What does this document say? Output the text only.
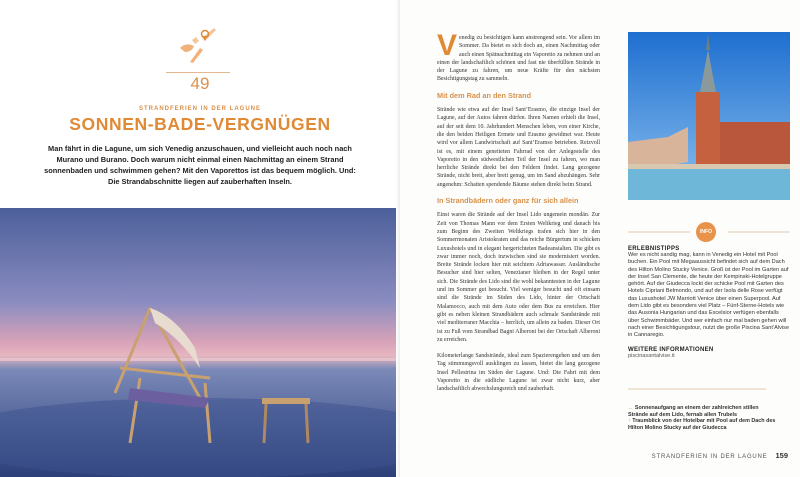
49
STRANDFERIEN IN DER LAGUNE
SONNEN-BADE-VERGNÜGEN
Man fährt in die Lagune, um sich Venedig anzuschauen, und vielleicht auch noch nach Murano und Burano. Doch warum nicht einmal einen Nachmittag an einem Strand sonnenbaden und schwimmen gehen? Mit den Vaporettos ist das bequem möglich. Und: Die Strandabschnitte liegen auf zauberhaften Inseln.

Venedig zu besichtigen kann anstrengend sein. Vor allem im Sommer. Da bietet es sich doch an, einen Nachmittag oder auch einen Spätnachmittag ein Vaporetto zu nehmen und an einen der landschaftlich schönen und fast nie überfüllten Strände in der Lagune zu fahren, um neue Kräfte für den nächsten Besichtigungstag zu sammeln.

Mit dem Rad an den Strand

Strände wie etwa auf der Insel Sant’Erasmo, die einzige Insel der Lagune, auf der Autos fahren dürfen. Ihren Namen erhielt die Insel, auf der seit dem 10. Jahrhundert Menschen leben, von einer Kirche, die den beiden Heiligen Ermete und Erasmo gewidmet war. Heute wird vor allem Landwirtschaft auf Sant’Eramso betrieben. Reizvoll ist es, mit einem geneiteten Fahrrad von der Anlegestelle des Vaporetto in den südwestlichen Teil der Insel zu fahren, wo man herrliche Strände direkt bei den Feldern findet. Lang gezogene Strände, nicht breit, aber breit genug, um im Sand abzuhängen. Sehr angenehm: Schatten spendende Bäume stehen direkt beim Strand.

In Strandbädern oder ganz für sich allein

Einst waren die Strände auf der Insel Lido ungemein mondän. Zur Zeit von Thomas Mann vor dem Ersten Weltkrieg und danach bis zum Beginn des Zweiten Weltkriegs trafen sich hier in den Sommermonaten Aristokraten und das reiche Bürgertum in schicken Luxushotels und in elegant hergerichteten Badeanstalten. Die gibt es zwar immer noch, doch inzwischen sind sie modernisiert worden. Breite Strände locken hier mit seichtem Adriawasser. Ausländische Besucher sind hier selten, Venezianer bleiben in der Regel unter sich. Die Strände des Lido sind die wohl bekanntesten in der Lagune und im Sommer gut besucht. Viel weniger besucht und oft einsam sind die Strände im Süden des Lido, hinter der Ortschaft Malamocco, auch mit dem Auto oder dem Bus zu erreichen. Hier gibt es neben kleinen Strandbädern auch schmale Sandstrände mit viel mediterraner Macchia – herrlich, um allein zu baden. Dieser Ort ist zu Fuß vom Strandbad Bagni Alberoni bei der Ortschaft Alberoni zu erreichen.

Kilometerlange Sandstrände, ideal zum Spazierengehen und um den Tag stimmungsvoll ausklingen zu lassen, bietet die lang gezogene Insel Pellestrina im Süden der Lagune. Und: Die Fahrt mit dem Vaporetto in die südliche Lagune ist zwar nicht kurz, aber landschaftlich abwechslungsreich und zauberhaft.

INFO
ERLEBNISTIPPS

Wer es nicht sandig mag, kann in Venedig ein Hotel mit Pool buchen. Ein Pool mit Megaaussicht befindet sich auf dem Dach des Hilton Molino Stucky Venice. Groß ist der Pool im Garten auf der Insel San Clemente, die heute der Kempinski-Hotelgruppe gehört. Auf der Giudecca lockt der schicke Pool mit Garten des Hotels Cipriani Belmondo, und auf der Isola delle Rose verfügt das Luxushotel JW Marriott Venice über einen Superpool. Auf dem Lido gibt es besonders viel Platz – Fünf-Sterne-Hotels wie das Ausonia Hungarian und das Excelsior verfügen ebenfalls über Schwimmbäder. Und wer einfach nur mal baden gehen will nach einer Besichtigungstour, nutzt die große Piscina Sant’Alvise in Cannaregio.

WEITERE INFORMATIONEN
piscinasantalvise.it
← Sonnenaufgang an einem der zahlreichen stillen Strände auf dem Lido, fernab allen Trubels
↑ Traumblick von der Hotelbar mit Pool auf dem Dach des Hilton Molino Stucky auf der Giudecca
STRANDFERIEN IN DER LAGUNE 159
